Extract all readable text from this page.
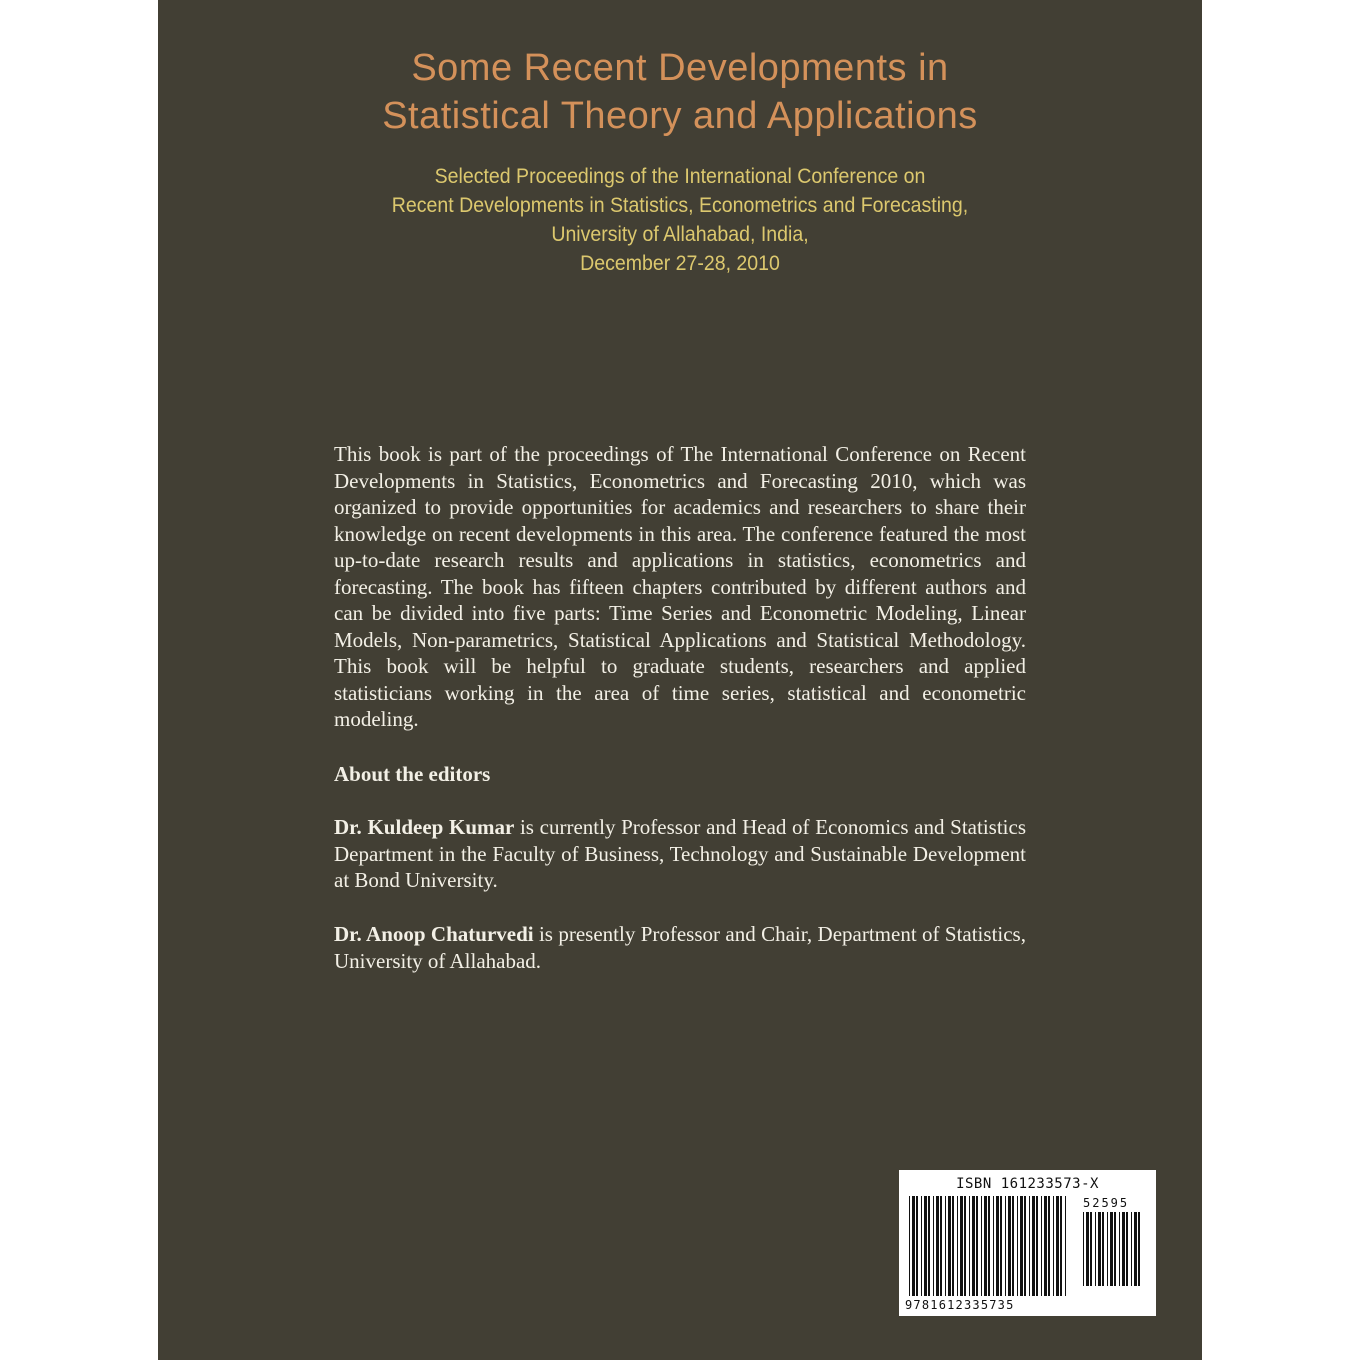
Some Recent Developments in
Statistical Theory and Applications
Selected Proceedings of the International Conference on
Recent Developments in Statistics, Econometrics and Forecasting,
University of Allahabad, India,
December 27-28, 2010

This book is part of the proceedings of The International Conference on Recent Developments in Statistics, Econometrics and Forecasting 2010, which was organized to provide opportunities for academics and researchers to share their knowledge on recent developments in this area. The conference featured the most up-to-date research results and applications in statistics, econometrics and forecasting. The book has fifteen chapters contributed by different authors and can be divided into five parts: Time Series and Econometric Modeling, Linear Models, Non-parametrics, Statistical Applications and Statistical Methodology. This book will be helpful to graduate students, researchers and applied statisticians working in the area of time series, statistical and econometric modeling.

About the editors
Dr. Kuldeep Kumar is currently Professor and Head of Economics and Statistics Department in the Faculty of Business, Technology and Sustainable Development at Bond University.
Dr. Anoop Chaturvedi is presently Professor and Chair, Department of Statistics, University of Allahabad.
ISBN 161233573-X
52595
9781612335735
